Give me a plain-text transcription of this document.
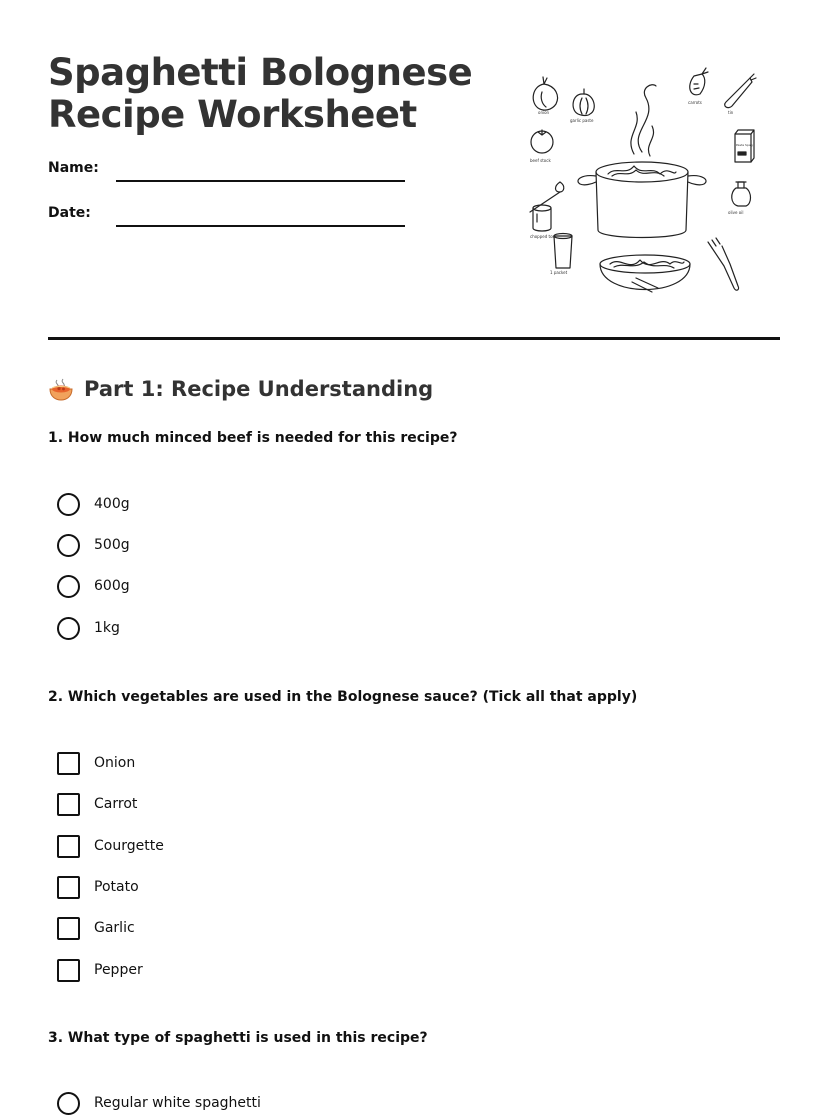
Spaghetti Bolognese
Recipe Worksheet
Name:
Date:
onion
garlic paste
carrots
tin
beef stock
Pasta Spag
olive oil
chopped tom
1 packet
Part 1: Recipe Understanding
1. How much minced beef is needed for this recipe?
400g
500g
600g
1kg
2. Which vegetables are used in the Bolognese sauce? (Tick all that apply)
Onion
Carrot
Courgette
Potato
Garlic
Pepper
3. What type of spaghetti is used in this recipe?
Regular white spaghetti
